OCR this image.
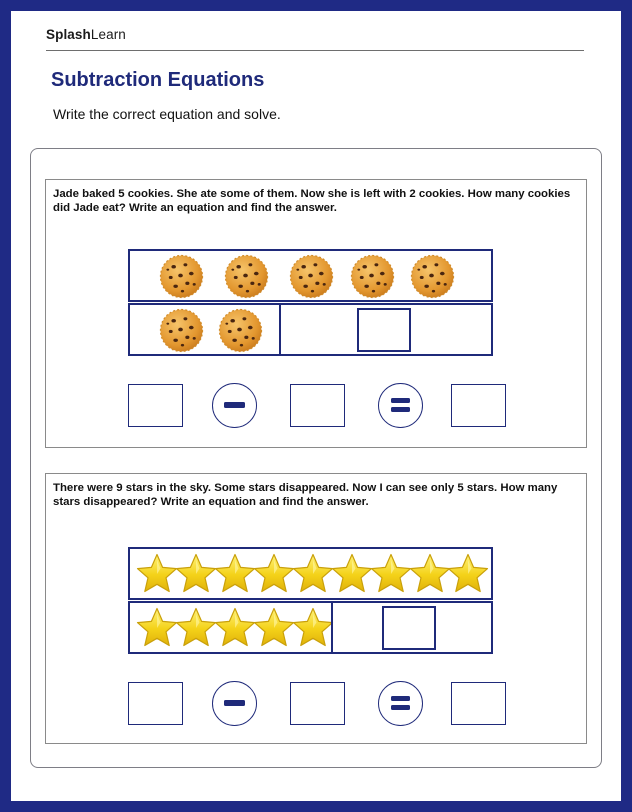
SplashLearn
Subtraction Equations
Write the correct equation and solve.
Jade baked 5 cookies. She ate some of them. Now she is left with 2 cookies. How many cookies did Jade eat? Write an equation and find the answer.
There were 9 stars in the sky. Some stars disappeared. Now I can see only 5 stars. How many stars disappeared? Write an equation and find the answer.
